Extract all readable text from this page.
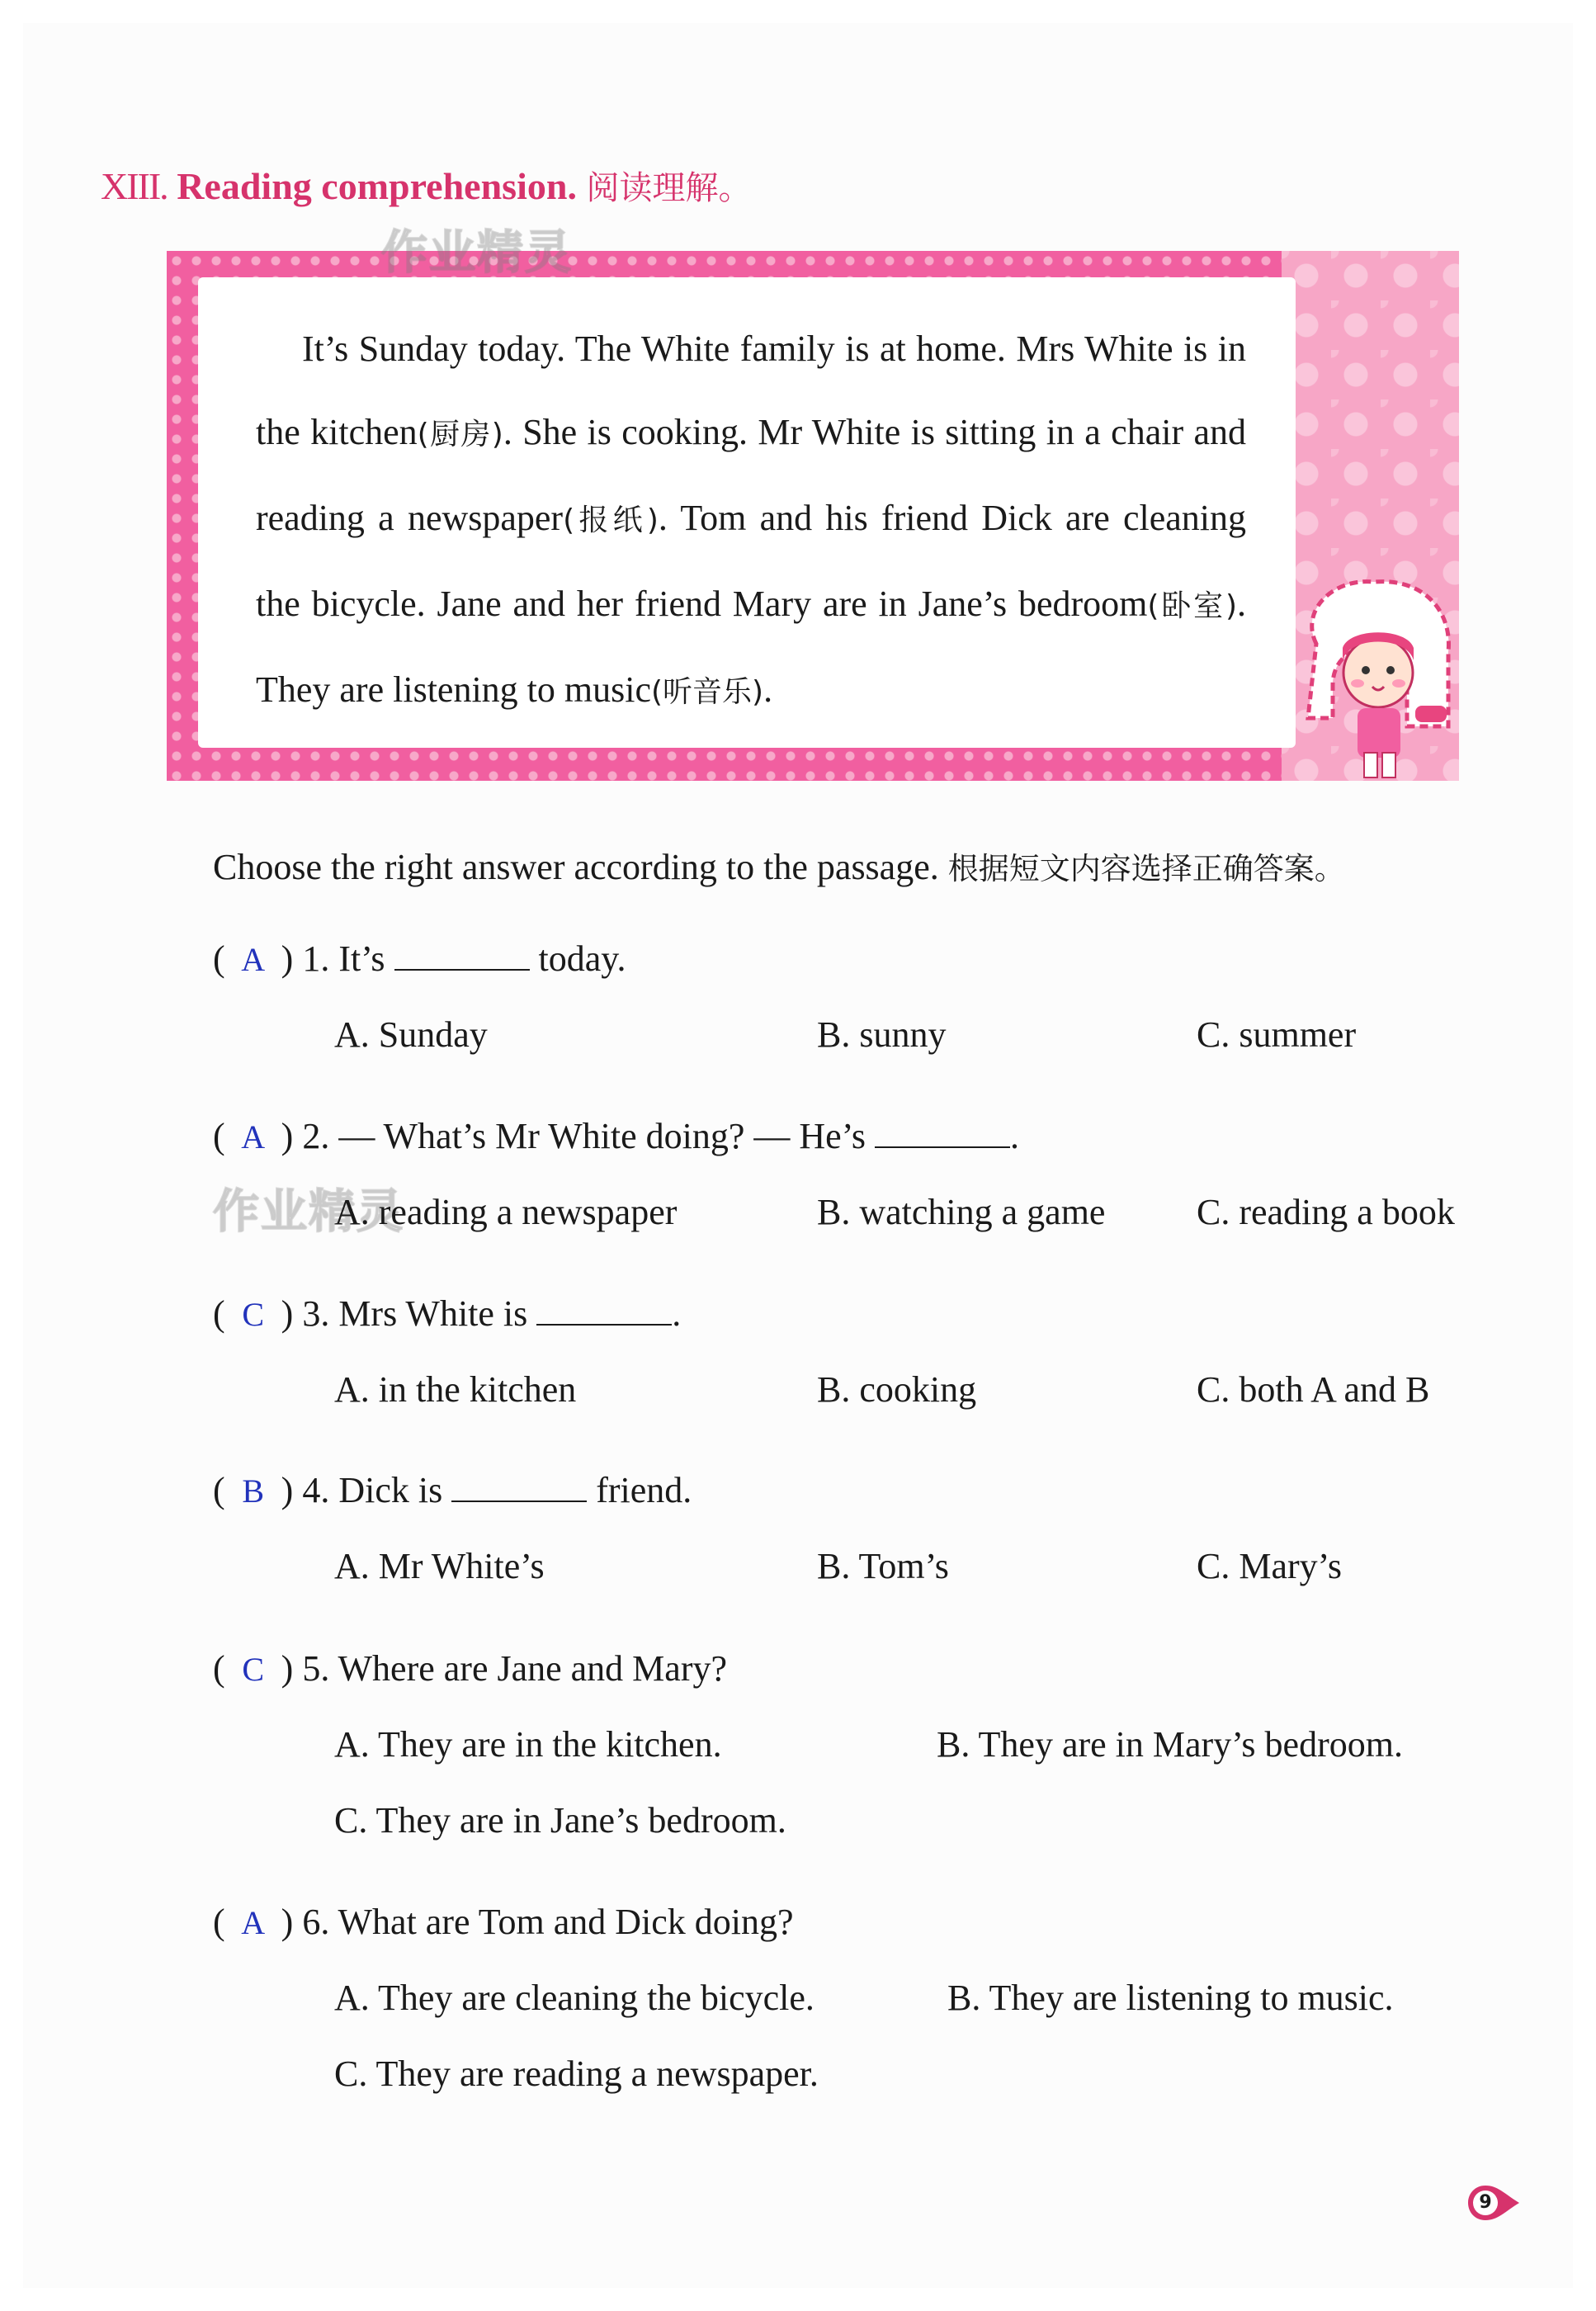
XIII. Reading comprehension. 阅读理解。
作业精灵
It’s Sunday today. The White family is at home. Mrs White is in the kitchen(厨房). She is cooking. Mr White is sitting in a chair and reading a newspaper(报纸). Tom and his friend Dick are cleaning the bicycle. Jane and her friend Mary are in Jane’s bedroom(卧室). They are listening to music(听音乐).
Choose the right answer according to the passage. 根据短文内容选择正确答案。
( A ) 1. It’s	today.
A. Sunday	B. sunny	C. summer
( A ) 2. — What’s Mr White doing? — He’s	.
作业精灵
A. reading a newspaper	B. watching a game	C. reading a book
( C ) 3. Mrs White is	.
A. in the kitchen	B. cooking	C. both A and B
( B ) 4. Dick is	friend.
A. Mr White’s	B. Tom’s	C. Mary’s
( C ) 5. Where are Jane and Mary?
A. They are in the kitchen.	B. They are in Mary’s bedroom.
C. They are in Jane’s bedroom.
( A ) 6. What are Tom and Dick doing?
A. They are cleaning the bicycle.	B. They are listening to music.
C. They are reading a newspaper.
9
